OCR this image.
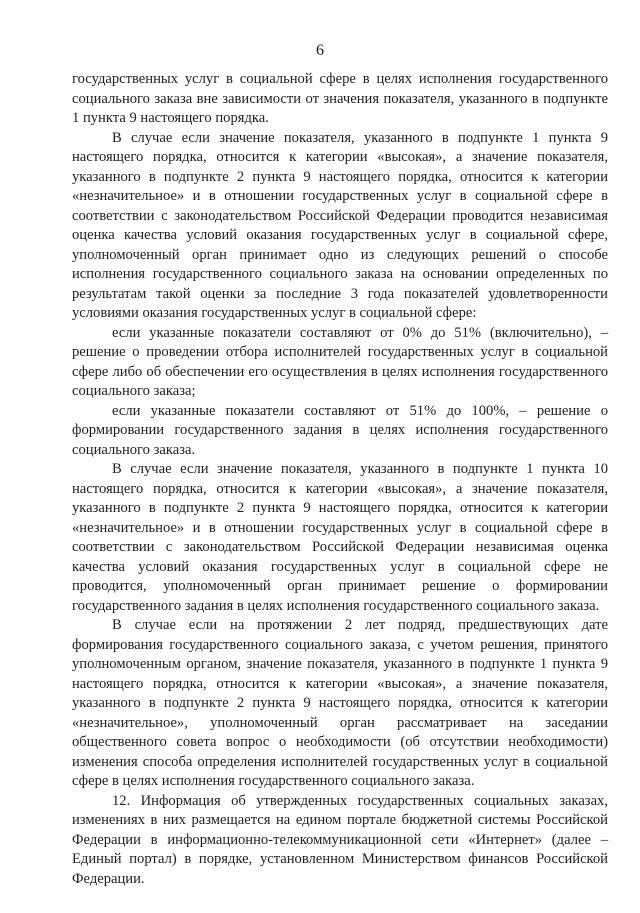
6

государственных услуг в социальной сфере в целях исполнения государственного социального заказа вне зависимости от значения показателя, указанного в подпункте 1 пункта 9 настоящего порядка.

В случае если значение показателя, указанного в подпункте 1 пункта 9 настоящего порядка, относится к категории «высокая», а значение показателя, указанного в подпункте 2 пункта 9 настоящего порядка, относится к категории «незначительное» и в отношении государственных услуг в социальной сфере в соответствии с законодательством Российской Федерации проводится независимая оценка качества условий оказания государственных услуг в социальной сфере, уполномоченный орган принимает одно из следующих решений о способе исполнения государственного социального заказа на основании определенных по результатам такой оценки за последние 3 года показателей удовлетворенности условиями оказания государственных услуг в социальной сфере:

если указанные показатели составляют от 0% до 51% (включительно), – решение о проведении отбора исполнителей государственных услуг в социальной сфере либо об обеспечении его осуществления в целях исполнения государственного социального заказа;

если указанные показатели составляют от 51% до 100%, – решение о формировании государственного задания в целях исполнения государственного социального заказа.

В случае если значение показателя, указанного в подпункте 1 пункта 10 настоящего порядка, относится к категории «высокая», а значение показателя, указанного в подпункте 2 пункта 9 настоящего порядка, относится к категории «незначительное» и в отношении государственных услуг в социальной сфере в соответствии с законодательством Российской Федерации независимая оценка качества условий оказания государственных услуг в социальной сфере не проводится, уполномоченный орган принимает решение о формировании государственного задания в целях исполнения государственного социального заказа.

В случае если на протяжении 2 лет подряд, предшествующих дате формирования государственного социального заказа, с учетом решения, принятого уполномоченным органом, значение показателя, указанного в подпункте 1 пункта 9 настоящего порядка, относится к категории «высокая», а значение показателя, указанного в подпункте 2 пункта 9 настоящего порядка, относится к категории «незначительное», уполномоченный орган рассматривает на заседании общественного совета вопрос о необходимости (об отсутствии необходимости) изменения способа определения исполнителей государственных услуг в социальной сфере в целях исполнения государственного социального заказа.

12. Информация об утвержденных государственных социальных заказах, изменениях в них размещается на едином портале бюджетной системы Российской Федерации в информационно-телекоммуникационной сети «Интернет» (далее – Единый портал) в порядке, установленном Министерством финансов Российской Федерации.
